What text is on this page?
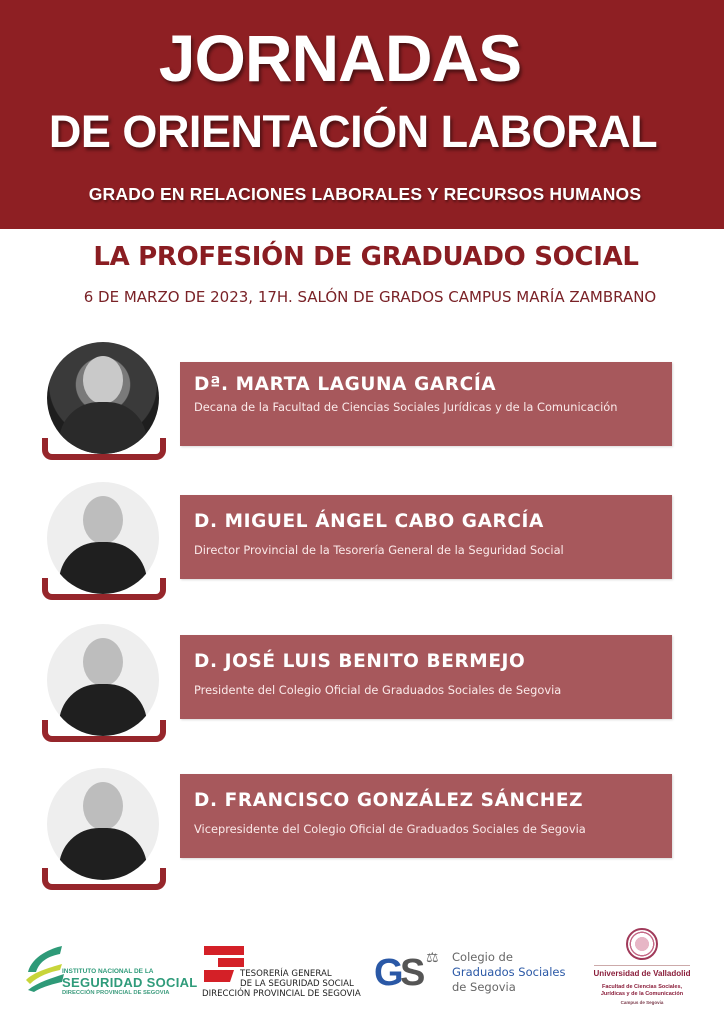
JORNADAS
DE ORIENTACIÓN LABORAL
GRADO EN RELACIONES LABORALES Y RECURSOS HUMANOS
LA PROFESIÓN DE GRADUADO SOCIAL
6 DE MARZO DE 2023, 17H. SALÓN DE GRADOS CAMPUS MARÍA ZAMBRANO
Dª. MARTA LAGUNA GARCÍA
Decana de la Facultad de Ciencias Sociales Jurídicas y de la Comunicación
D. MIGUEL ÁNGEL CABO GARCÍA
Director Provincial de la Tesorería General de la Seguridad Social
D. JOSÉ LUIS BENITO BERMEJO
Presidente del Colegio Oficial de Graduados Sociales de Segovia
D. FRANCISCO GONZÁLEZ SÁNCHEZ
Vicepresidente del Colegio Oficial de Graduados Sociales de Segovia
INSTITUTO NACIONAL DE LA
SEGURIDAD SOCIAL
DIRECCIÓN PROVINCIAL DE SEGOVIA
TESORERÍA GENERAL
DE LA SEGURIDAD SOCIAL
DIRECCIÓN PROVINCIAL DE SEGOVIA G S ⚖ Colegio de
Graduados Sociales
de Segovia
Universidad de Valladolid
Facultad de Ciencias Sociales,
Jurídicas y de la Comunicación
Campus de Segovia
